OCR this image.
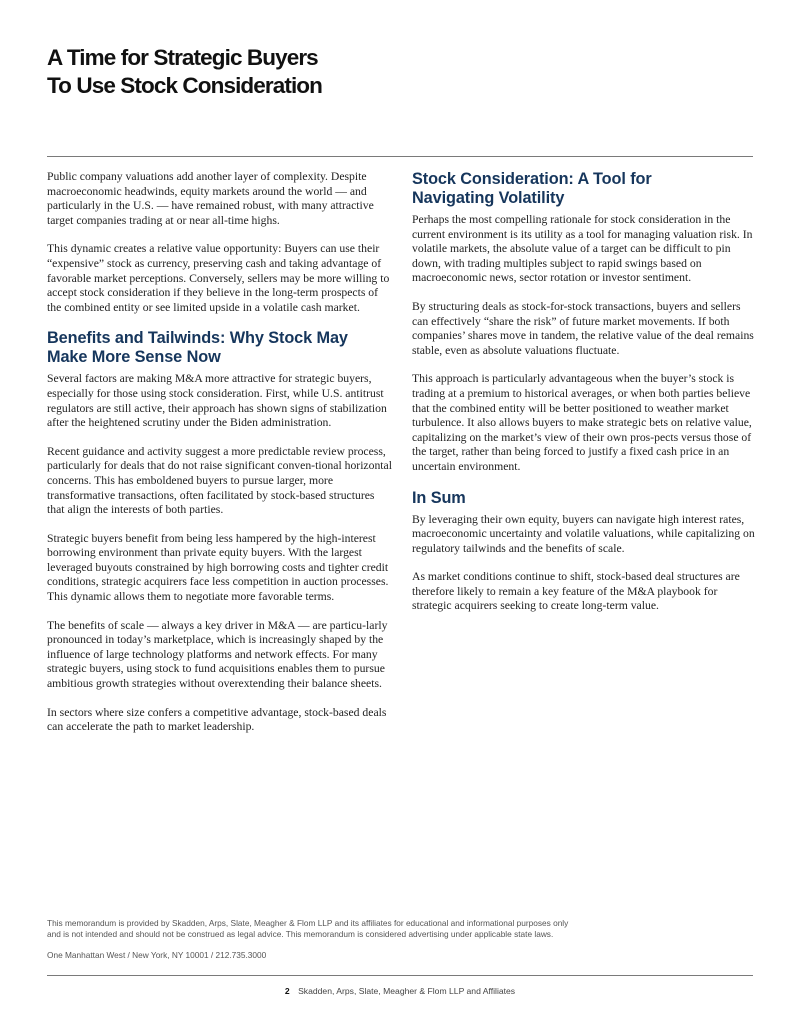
A Time for Strategic Buyers
To Use Stock Consideration

Public company valuations add another layer of complexity. Despite macroeconomic headwinds, equity markets around the world — and particularly in the U.S. — have remained robust, with many attractive target companies trading at or near all-time highs.

This dynamic creates a relative value opportunity: Buyers can use their “expensive” stock as currency, preserving cash and taking advantage of favorable market perceptions. Conversely, sellers may be more willing to accept stock consideration if they believe in the long-term prospects of the combined entity or see limited upside in a volatile cash market.

Benefits and Tailwinds: Why Stock May
Make More Sense Now

Several factors are making M&A more attractive for strategic buyers, especially for those using stock consideration. First, while U.S. antitrust regulators are still active, their approach has shown signs of stabilization after the heightened scrutiny under the Biden administration.

Recent guidance and activity suggest a more predictable review process, particularly for deals that do not raise significant conven-tional horizontal concerns. This has emboldened buyers to pursue larger, more transformative transactions, often facilitated by stock-based structures that align the interests of both parties.

Strategic buyers benefit from being less hampered by the high-interest borrowing environment than private equity buyers. With the largest leveraged buyouts constrained by high borrowing costs and tighter credit conditions, strategic acquirers face less competition in auction processes. This dynamic allows them to negotiate more favorable terms.

The benefits of scale — always a key driver in M&A — are particu-larly pronounced in today’s marketplace, which is increasingly shaped by the influence of large technology platforms and network effects. For many strategic buyers, using stock to fund acquisitions enables them to pursue ambitious growth strategies without overextending their balance sheets.

In sectors where size confers a competitive advantage, stock-based deals can accelerate the path to market leadership.

Stock Consideration: A Tool for
Navigating Volatility

Perhaps the most compelling rationale for stock consideration in the current environment is its utility as a tool for managing valuation risk. In volatile markets, the absolute value of a target can be difficult to pin down, with trading multiples subject to rapid swings based on macroeconomic news, sector rotation or investor sentiment.

By structuring deals as stock-for-stock transactions, buyers and sellers can effectively “share the risk” of future market movements. If both companies’ shares move in tandem, the relative value of the deal remains stable, even as absolute valuations fluctuate.

This approach is particularly advantageous when the buyer’s stock is trading at a premium to historical averages, or when both parties believe that the combined entity will be better positioned to weather market turbulence. It also allows buyers to make strategic bets on relative value, capitalizing on the market’s view of their own pros-pects versus those of the target, rather than being forced to justify a fixed cash price in an uncertain environment.

In Sum

By leveraging their own equity, buyers can navigate high interest rates, macroeconomic uncertainty and volatile valuations, while capitalizing on regulatory tailwinds and the benefits of scale.

As market conditions continue to shift, stock-based deal structures are therefore likely to remain a key feature of the M&A playbook for strategic acquirers seeking to create long-term value.

This memorandum is provided by Skadden, Arps, Slate, Meagher & Flom LLP and its affiliates for educational and informational purposes only
and is not intended and should not be construed as legal advice. This memorandum is considered advertising under applicable state laws.

One Manhattan West / New York, NY 10001 / 212.735.3000

2 Skadden, Arps, Slate, Meagher & Flom LLP and Affiliates
